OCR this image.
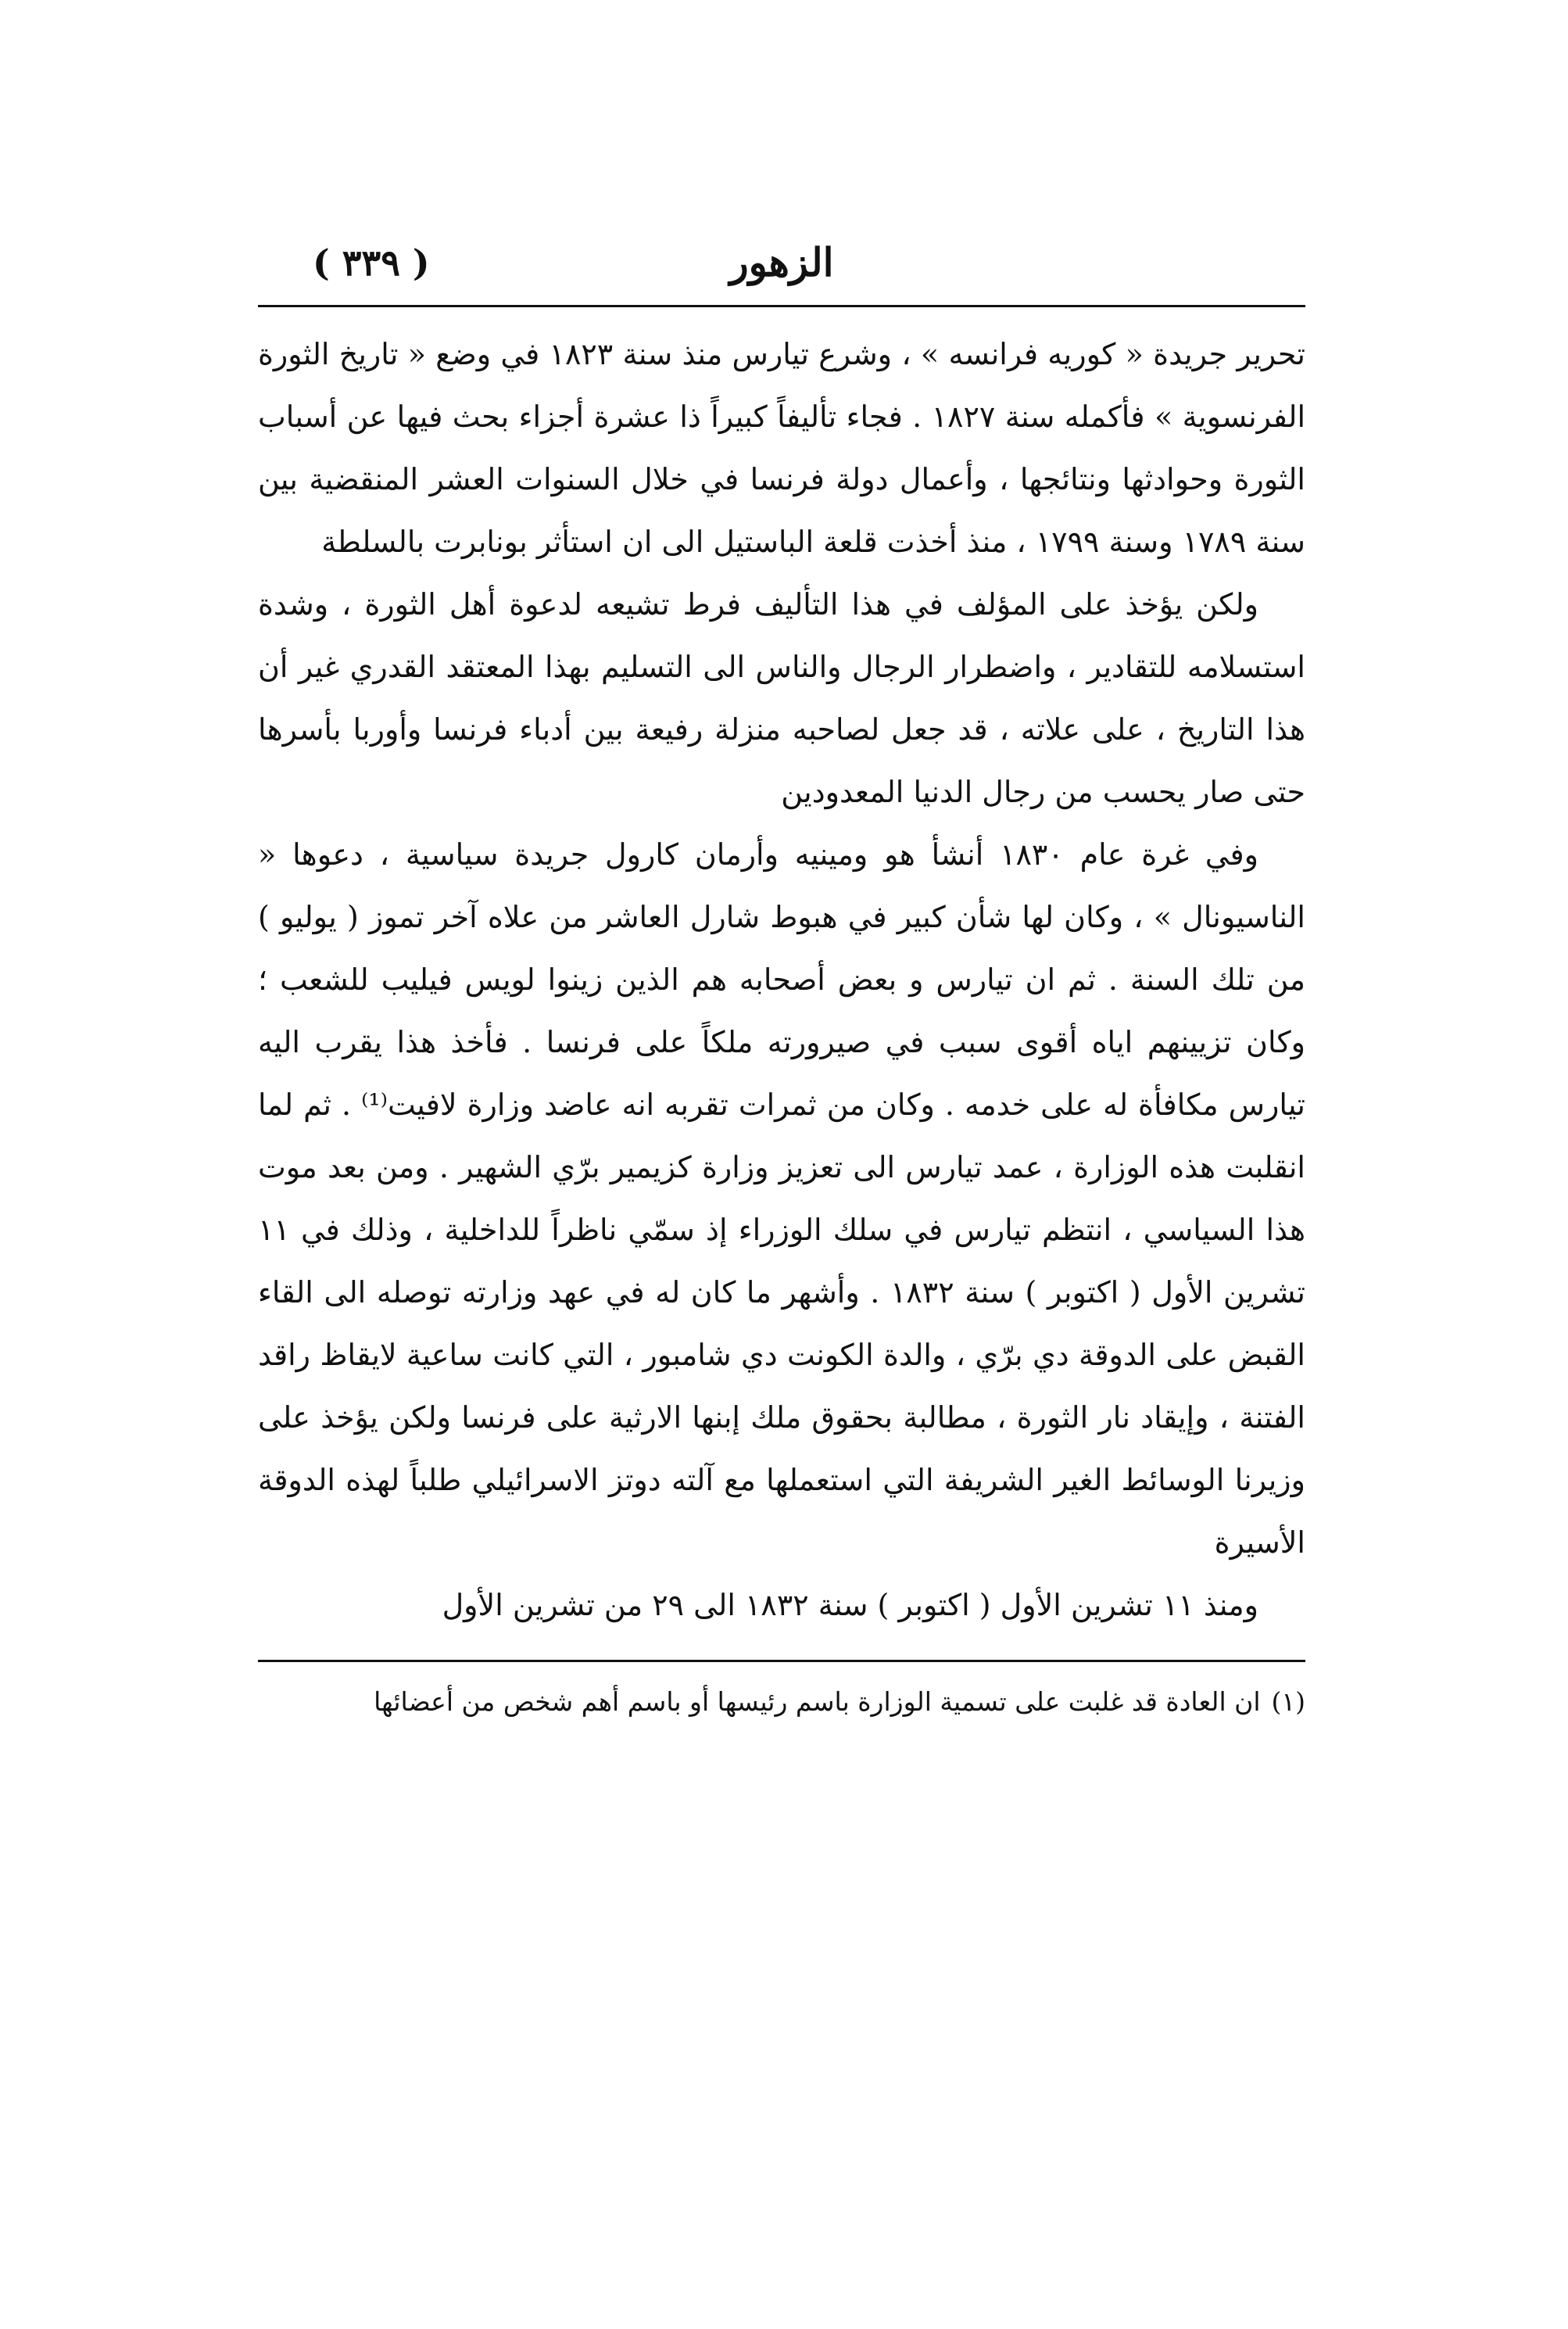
الزهور
( ٣٣٩ )

تحرير جريدة « كوريه فرانسه » ، وشرع تيارس منذ سنة ١٨٢٣ في وضع « تاريخ الثورة الفرنسوية » فأكمله سنة ١٨٢٧ . فجاء تأليفاً كبيراً ذا عشرة أجزاء بحث فيها عن أسباب الثورة وحوادثها ونتائجها ، وأعمال دولة فرنسا في خلال السنوات العشر المنقضية بين سنة ١٧٨٩ وسنة ١٧٩٩ ، منذ أخذت قلعة الباستيل الى ان استأثر بونابرت بالسلطة

ولكن يؤخذ على المؤلف في هذا التأليف فرط تشيعه لدعوة أهل الثورة ، وشدة استسلامه للتقادير ، واضطرار الرجال والناس الى التسليم بهذا المعتقد القدري غير أن هذا التاريخ ، على علاته ، قد جعل لصاحبه منزلة رفيعة بين أدباء فرنسا وأوربا بأسرها حتى صار يحسب من رجال الدنيا المعدودين

وفي غرة عام ١٨٣٠ أنشأ هو ومينيه وأرمان كارول جريدة سياسية ، دعوها « الناسيونال » ، وكان لها شأن كبير في هبوط شارل العاشر من علاه آخر تموز ( يوليو ) من تلك السنة . ثم ان تيارس و بعض أصحابه هم الذين زينوا لويس فيليب للشعب ؛ وكان تزيينهم اياه أقوى سبب في صيرورته ملكاً على فرنسا . فأخذ هذا يقرب اليه تيارس مكافأة له على خدمه . وكان من ثمرات تقربه انه عاضد وزارة لافيت⁽¹⁾ . ثم لما انقلبت هذه الوزارة ، عمد تيارس الى تعزيز وزارة كزيمير برّي الشهير . ومن بعد موت هذا السياسي ، انتظم تيارس في سلك الوزراء إذ سمّي ناظراً للداخلية ، وذلك في ١١ تشرين الأول ( اكتوبر ) سنة ١٨٣٢ . وأشهر ما كان له في عهد وزارته توصله الى القاء القبض على الدوقة دي برّي ، والدة الكونت دي شامبور ، التي كانت ساعية لايقاظ راقد الفتنة ، وإيقاد نار الثورة ، مطالبة بحقوق ملك إبنها الارثية على فرنسا ولكن يؤخذ على وزيرنا الوسائط الغير الشريفة التي استعملها مع آلته دوتز الاسرائيلي طلباً لهذه الدوقة الأسيرة

ومنذ ١١ تشرين الأول ( اكتوبر ) سنة ١٨٣٢ الى ٢٩ من تشرين الأول

(١)ان العادة قد غلبت على تسمية الوزارة باسم رئيسها أو باسم أهم شخص من أعضائها
